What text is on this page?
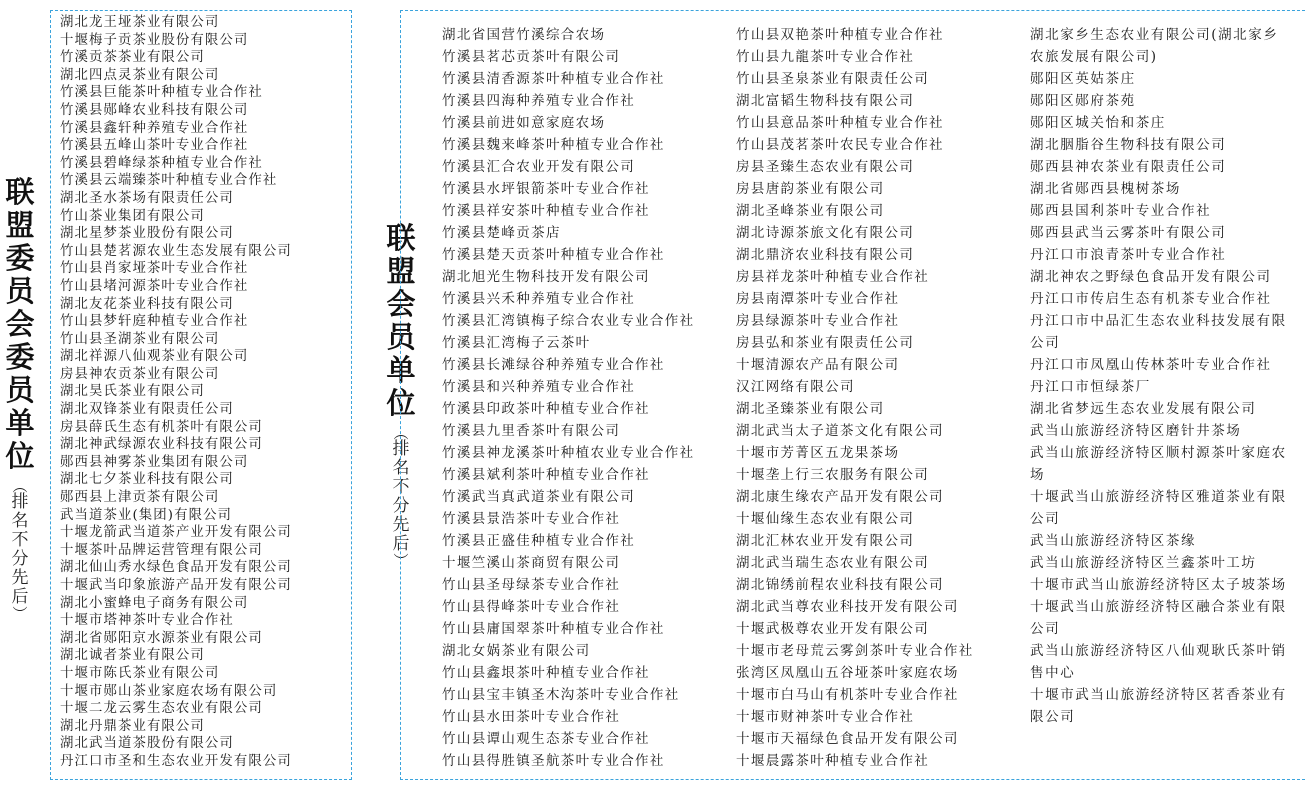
联
盟
委
员
会
委
员
单
位
︵
排
名
不
分
先
后
︶
湖北龙王垭茶业有限公司
十堰梅子贡茶业股份有限公司
竹溪贡茶茶业有限公司
湖北四点灵茶业有限公司
竹溪县巨能茶叶种植专业合作社
竹溪县郧峰农业科技有限公司
竹溪县鑫轩种养殖专业合作社
竹溪县五峰山茶叶专业合作社
竹溪县碧峰绿茶种植专业合作社
竹溪县云端臻茶叶种植专业合作社
湖北圣水茶场有限责任公司
竹山茶业集团有限公司
湖北星梦茶业股份有限公司
竹山县楚茗源农业生态发展有限公司
竹山县肖家垭茶叶专业合作社
竹山县堵河源茶叶专业合作社
湖北友花茶业科技有限公司
竹山县梦轩庭种植专业合作社
竹山县圣湖茶业有限公司
湖北祥源八仙观茶业有限公司
房县神农贡茶业有限公司
湖北昊氏茶业有限公司
湖北双锋茶业有限责任公司
房县薛氏生态有机茶叶有限公司
湖北神武绿源农业科技有限公司
郧西县神雾茶业集团有限公司
湖北七夕茶业科技有限公司
郧西县上津贡茶有限公司
武当道茶业(集团)有限公司
十堰龙箭武当道茶产业开发有限公司
十堰茶叶品牌运营管理有限公司
湖北仙山秀水绿色食品开发有限公司
十堰武当印象旅游产品开发有限公司
湖北小蜜蜂电子商务有限公司
十堰市塔神茶叶专业合作社
湖北省郧阳京水源茶业有限公司
湖北诚者茶业有限公司
十堰市陈氏茶业有限公司
十堰市郧山茶业家庭农场有限公司
十堰二龙云雾生态农业有限公司
湖北丹鼎茶业有限公司
湖北武当道茶股份有限公司
丹江口市圣和生态农业开发有限公司
联
盟
会
员
单
位
︵
排
名
不
分
先
后
︶
湖北省国营竹溪综合农场
竹溪县茗芯贡茶叶有限公司
竹溪县清香源茶叶种植专业合作社
竹溪县四海种养殖专业合作社
竹溪县前进如意家庭农场
竹溪县魏来峰茶叶种植专业合作社
竹溪县汇合农业开发有限公司
竹溪县水坪银箭茶叶专业合作社
竹溪县祥安茶叶种植专业合作社
竹溪县楚峰贡茶店
竹溪县楚天贡茶叶种植专业合作社
湖北旭光生物科技开发有限公司
竹溪县兴禾种养殖专业合作社
竹溪县汇湾镇梅子综合农业专业合作社
竹溪县汇湾梅子云茶叶
竹溪县长滩绿谷种养殖专业合作社
竹溪县和兴种养殖专业合作社
竹溪县印政茶叶种植专业合作社
竹溪县九里香茶叶有限公司
竹溪县神龙溪茶叶种植农业专业合作社
竹溪县斌利茶叶种植专业合作社
竹溪武当真武道茶业有限公司
竹溪县景浩茶叶专业合作社
竹溪县正盛佳种植专业合作社
十堰竺溪山茶商贸有限公司
竹山县圣母绿茶专业合作社
竹山县得峰茶叶专业合作社
竹山县庸国翠茶叶种植专业合作社
湖北女娲茶业有限公司
竹山县鑫垠茶叶种植专业合作社
竹山县宝丰镇圣木沟茶叶专业合作社
竹山县水田茶叶专业合作社
竹山县谭山观生态茶专业合作社
竹山县得胜镇圣航茶叶专业合作社
竹山县双艳茶叶种植专业合作社
竹山县九龍茶叶专业合作社
竹山县圣泉茶业有限责任公司
湖北富韬生物科技有限公司
竹山县意品茶叶种植专业合作社
竹山县茂茗茶叶农民专业合作社
房县圣臻生态农业有限公司
房县唐韵茶业有限公司
湖北圣峰茶业有限公司
湖北诗源茶旅文化有限公司
湖北鼎济农业科技有限公司
房县祥龙茶叶种植专业合作社
房县南潭茶叶专业合作社
房县绿源茶叶专业合作社
房县弘和茶业有限责任公司
十堰清源农产品有限公司
汉江网络有限公司
湖北圣臻茶业有限公司
湖北武当太子道茶文化有限公司
十堰市芳菁区五龙果茶场
十堰垄上行三农服务有限公司
湖北康生缘农产品开发有限公司
十堰仙缘生态农业有限公司
湖北汇林农业开发有限公司
湖北武当瑞生态农业有限公司
湖北锦绣前程农业科技有限公司
湖北武当尊农业科技开发有限公司
十堰武极尊农业开发有限公司
十堰市老母荒云雾剑茶叶专业合作社
张湾区凤凰山五谷垭茶叶家庭农场
十堰市白马山有机茶叶专业合作社
十堰市财神茶叶专业合作社
十堰市天福绿色食品开发有限公司
十堰晨露茶叶种植专业合作社
湖北家乡生态农业有限公司(湖北家乡农旅发展有限公司)
郧阳区英姑茶庄
郧阳区郧府茶苑
郧阳区城关怡和茶庄
湖北胭脂谷生物科技有限公司
郧西县神农茶业有限责任公司
湖北省郧西县槐树茶场
郧西县国利茶叶专业合作社
郧西县武当云雾茶叶有限公司
丹江口市浪青茶叶专业合作社
湖北神农之野绿色食品开发有限公司
丹江口市传启生态有机茶专业合作社
丹江口市中品汇生态农业科技发展有限公司
丹江口市凤凰山传林茶叶专业合作社
丹江口市恒绿茶厂
湖北省梦远生态农业发展有限公司
武当山旅游经济特区磨针井茶场
武当山旅游经济特区顺村源茶叶家庭农场
十堰武当山旅游经济特区雅道茶业有限公司
武当山旅游经济特区茶缘
武当山旅游经济特区兰鑫茶叶工坊
十堰市武当山旅游经济特区太子坡茶场
十堰武当山旅游经济特区融合茶业有限公司
武当山旅游经济特区八仙观耿氏茶叶销售中心
十堰市武当山旅游经济特区茗香茶业有限公司
